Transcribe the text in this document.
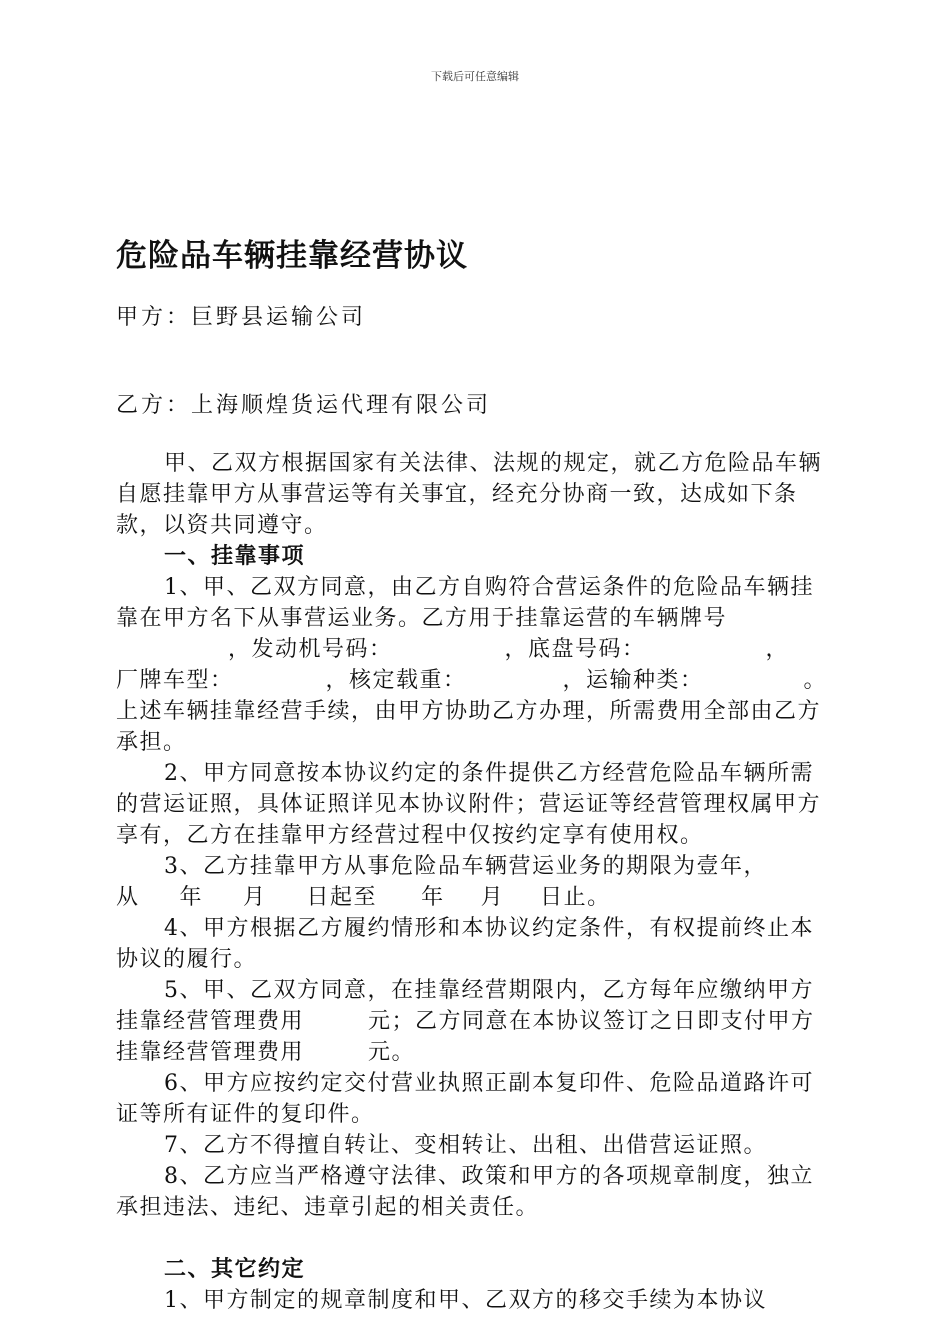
下载后可任意编辑
危险品车辆挂靠经营协议
甲方：巨野县运输公司
乙方：上海顺煌货运代理有限公司

甲、乙双方根据国家有关法律、法规的规定，就乙方危险品车辆自愿挂靠甲方从事营运等有关事宜，经充分协商一致，达成如下条款，以资共同遵守。

一、挂靠事项

1、甲、乙双方同意，由乙方自购符合营运条件的危险品车辆挂靠在甲方名下从事营运业务。乙方用于挂靠运营的车辆牌号

，发动机号码：	，底盘号码：	，

厂牌车型：	，核定载重：	，运输种类：	。

上述车辆挂靠经营手续，由甲方协助乙方办理，所需费用全部由乙方承担。

2、甲方同意按本协议约定的条件提供乙方经营危险品车辆所需的营运证照，具体证照详见本协议附件；营运证等经营管理权属甲方享有，乙方在挂靠甲方经营过程中仅按约定享有使用权。

3、乙方挂靠甲方从事危险品车辆营运业务的期限为壹年，

从 年 月 日起至 年 月 日止。

4、甲方根据乙方履约情形和本协议约定条件，有权提前终止本协议的履行。

5、甲、乙双方同意，在挂靠经营期限内，乙方每年应缴纳甲方挂靠经营管理费用	元；乙方同意在本协议签订之日即支付甲方挂靠经营管理费用	元。

6、甲方应按约定交付营业执照正副本复印件、危险品道路许可证等所有证件的复印件。

7、乙方不得擅自转让、变相转让、出租、出借营运证照。

8、乙方应当严格遵守法律、政策和甲方的各项规章制度，独立承担违法、违纪、违章引起的相关责任。

二、其它约定

1、甲方制定的规章制度和甲、乙双方的移交手续为本协议
